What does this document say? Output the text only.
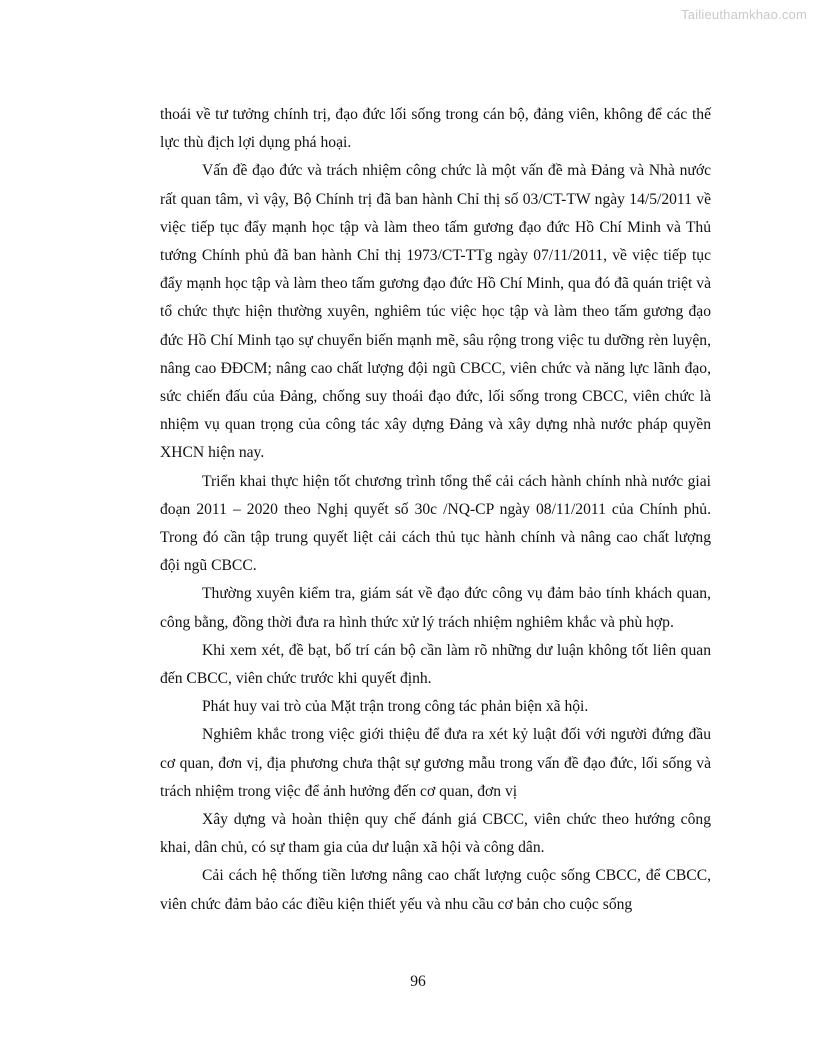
Tailieuthamkhao.com

thoái về tư tưởng chính trị, đạo đức lối sống trong cán bộ, đảng viên, không để các thế lực thù địch lợi dụng phá hoại.

Vấn đề đạo đức và trách nhiệm công chức là một vấn đề mà Đảng và Nhà nước rất quan tâm, vì vậy, Bộ Chính trị đã ban hành Chỉ thị số 03/CT-TW ngày 14/5/2011 về việc tiếp tục đẩy mạnh học tập và làm theo tấm gương đạo đức Hồ Chí Minh và Thủ tướng Chính phủ đã ban hành Chỉ thị 1973/CT-TTg ngày 07/11/2011, về việc tiếp tục đẩy mạnh học tập và làm theo tấm gương đạo đức Hồ Chí Minh, qua đó đã quán triệt và tổ chức thực hiện thường xuyên, nghiêm túc việc học tập và làm theo tấm gương đạo đức Hồ Chí Minh tạo sự chuyển biến mạnh mẽ, sâu rộng trong việc tu dưỡng rèn luyện, nâng cao ĐĐCM; nâng cao chất lượng đội ngũ CBCC, viên chức và năng lực lãnh đạo, sức chiến đấu của Đảng, chống suy thoái đạo đức, lối sống trong CBCC, viên chức là nhiệm vụ quan trọng của công tác xây dựng Đảng và xây dựng nhà nước pháp quyền XHCN hiện nay.

Triển khai thực hiện tốt chương trình tổng thể cải cách hành chính nhà nước giai đoạn 2011 – 2020 theo Nghị quyết số 30c /NQ-CP ngày 08/11/2011 của Chính phủ. Trong đó cần tập trung quyết liệt cải cách thủ tục hành chính và nâng cao chất lượng đội ngũ CBCC.

Thường xuyên kiểm tra, giám sát về đạo đức công vụ đảm bảo tính khách quan, công bằng, đồng thời đưa ra hình thức xử lý trách nhiệm nghiêm khắc và phù hợp.

Khi xem xét, đề bạt, bố trí cán bộ cần làm rõ những dư luận không tốt liên quan đến CBCC, viên chức trước khi quyết định.

Phát huy vai trò của Mặt trận trong công tác phản biện xã hội.

Nghiêm khắc trong việc giới thiệu để đưa ra xét kỷ luật đối với người đứng đầu cơ quan, đơn vị, địa phương chưa thật sự gương mẫu trong vấn đề đạo đức, lối sống và trách nhiệm trong việc để ảnh hưởng đến cơ quan, đơn vị

Xây dựng và hoàn thiện quy chế đánh giá CBCC, viên chức theo hướng công khai, dân chủ, có sự tham gia của dư luận xã hội và công dân.

Cải cách hệ thống tiền lương nâng cao chất lượng cuộc sống CBCC, để CBCC, viên chức đảm bảo các điều kiện thiết yếu và nhu cầu cơ bản cho cuộc sống

96
